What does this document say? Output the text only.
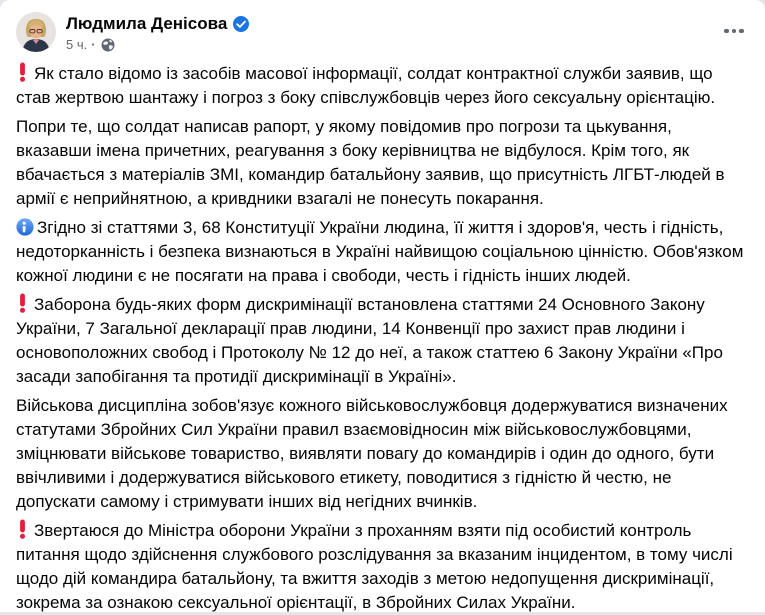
Людмила Денісова
5 ч. ·

Як стало відомо із засобів масової інформації, солдат контрактної служби заявив, що став жертвою шантажу і погроз з боку співслужбовців через його сексуальну орієнтацію.

Попри те, що солдат написав рапорт, у якому повідомив про погрози та цькування, вказавши імена причетних, реагування з боку керівництва не відбулося. Крім того, як вбачається з матеріалів ЗМІ, командир батальйону заявив, що присутність ЛГБТ-людей в армії є неприйнятною, а кривдники взагалі не понесуть покарання.

Згідно зі статтями 3, 68 Конституції України людина, її життя і здоров'я, честь і гідність, недоторканність і безпека визнаються в Україні найвищою соціальною цінністю. Обов'язком кожної людини є не посягати на права і свободи, честь і гідність інших людей.

Заборона будь-яких форм дискримінації встановлена статтями 24 Основного Закону України, 7 Загальної декларації прав людини, 14 Конвенції про захист прав людини і основоположних свобод і Протоколу № 12 до неї, а також статтею 6 Закону України «Про засади запобігання та протидії дискримінації в Україні».

Військова дисципліна зобов'язує кожного військовослужбовця додержуватися визначених статутами Збройних Сил України правил взаємовідносин між військовослужбовцями, зміцнювати військове товариство, виявляти повагу до командирів і один до одного, бути ввічливими і додержуватися військового етикету, поводитися з гідністю й честю, не допускати самому і стримувати інших від негідних вчинків.

Звертаюся до Міністра оборони України з проханням взяти під особистий контроль питання щодо здійснення службового розслідування за вказаним інцидентом, в тому числі щодо дій командира батальйону, та вжиття заходів з метою недопущення дискримінації, зокрема за ознакою сексуальної орієнтації, в Збройних Силах України.
